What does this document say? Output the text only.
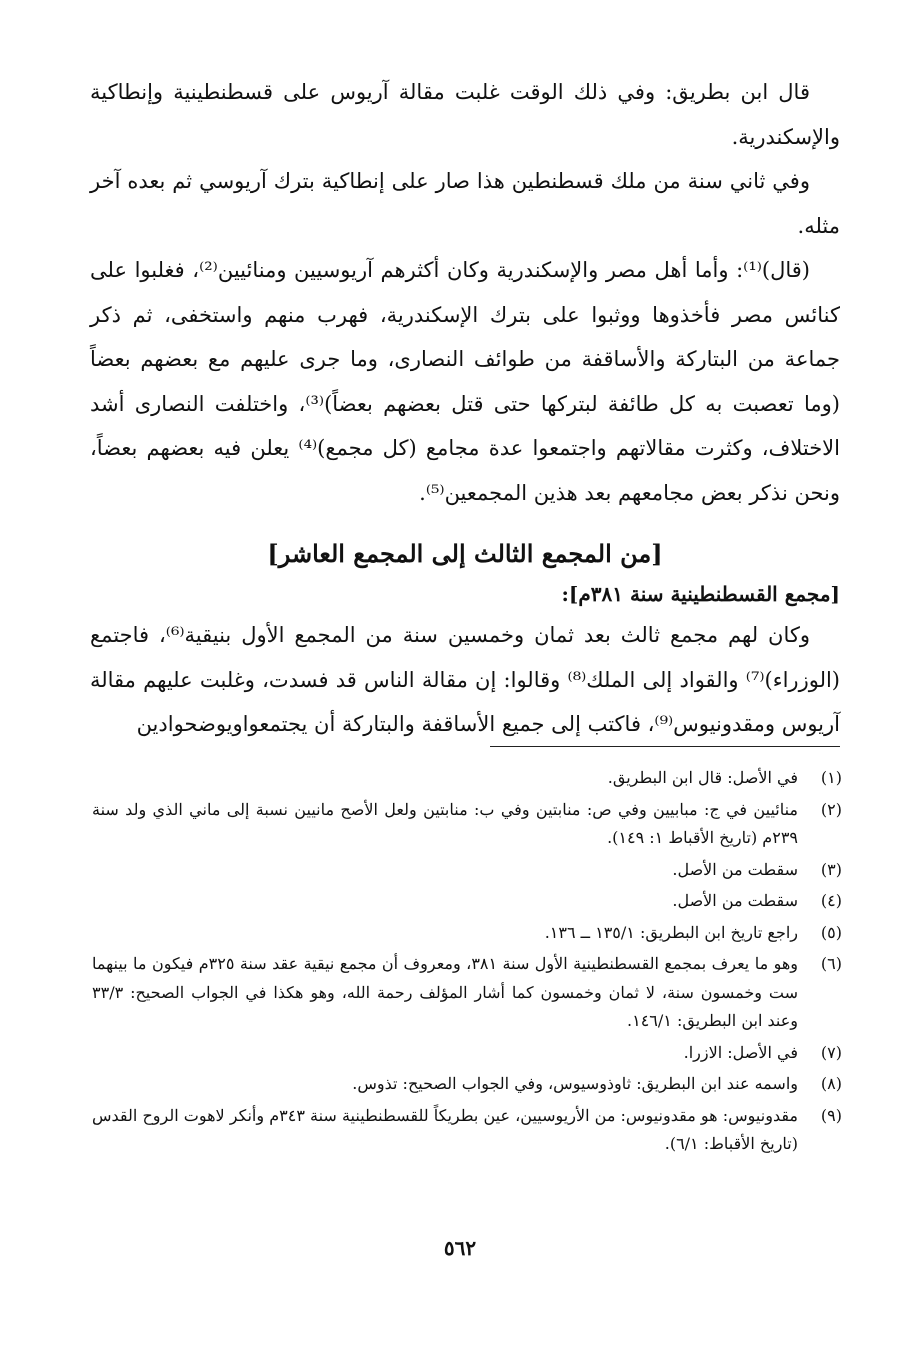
قال ابن بطريق: وفي ذلك الوقت غلبت مقالة آريوس على قسطنطينية وإنطاكية والإسكندرية.

وفي ثاني سنة من ملك قسطنطين هذا صار على إنطاكية بترك آريوسي ثم بعده آخر مثله.

(قال)⁽¹⁾: وأما أهل مصر والإسكندرية وكان أكثرهم آريوسيين ومنائيين⁽²⁾، فغلبوا على كنائس مصر فأخذوها ووثبوا على بترك الإسكندرية، فهرب منهم واستخفى، ثم ذكر جماعة من البتاركة والأساقفة من طوائف النصارى، وما جرى عليهم مع بعضهم بعضاً (وما تعصبت به كل طائفة لبترکها حتى قتل بعضهم بعضاً)⁽³⁾، واختلفت النصارى أشد الاختلاف، وكثرت مقالاتهم واجتمعوا عدة مجامع (كل مجمع)⁽⁴⁾ يعلن فيه بعضهم بعضاً، ونحن نذكر بعض مجامعهم بعد هذين المجمعين⁽⁵⁾.

[من المجمع الثالث إلى المجمع العاشر]
[مجمع القسطنطينية سنة ٣٨١م]:

وكان لهم مجمع ثالث بعد ثمان وخمسين سنة من المجمع الأول بنيقية⁽⁶⁾، فاجتمع (الوزراء)⁽⁷⁾ والقواد إلى الملك⁽⁸⁾ وقالوا: إن مقالة الناس قد فسدت، وغلبت عليهم مقالة آريوس ومقدونيوس⁽⁹⁾، فاكتب إلى جميع الأساقفة والبتاركة أن يجتمعواويوضحوادين

(١)
في الأصل: قال ابن البطريق.
(٢)
منائيين في ج: مبابيين وفي ص: منابتين وفي ب: منابتين ولعل الأصح مانيين نسبة إلى ماني الذي ولد سنة ٢٣٩م (تاريخ الأقباط ١: ١٤٩).
(٣)
سقطت من الأصل.
(٤)
سقطت من الأصل.
(٥)
راجع تاريخ ابن البطريق: ١٣٥/١ ــ ١٣٦.
(٦)
وهو ما يعرف بمجمع القسطنطينية الأول سنة ٣٨١، ومعروف أن مجمع نيقية عقد سنة ٣٢٥م فيكون ما بينهما ست وخمسون سنة، لا ثمان وخمسون كما أشار المؤلف رحمة الله، وهو هكذا في الجواب الصحيح: ٣٣/٣ وعند ابن البطريق: ١٤٦/١.
(٧)
في الأصل: الازرا.
(٨)
واسمه عند ابن البطريق: ثاوذوسيوس، وفي الجواب الصحيح: تذوس.
(٩)
مقدونيوس: هو مقدونيوس: من الأريوسيين، عين بطريكاً للقسطنطينية سنة ٣٤٣م وأنكر لاهوت الروح القدس (تاريخ الأقباط: ٦/١).
٥٦٢
